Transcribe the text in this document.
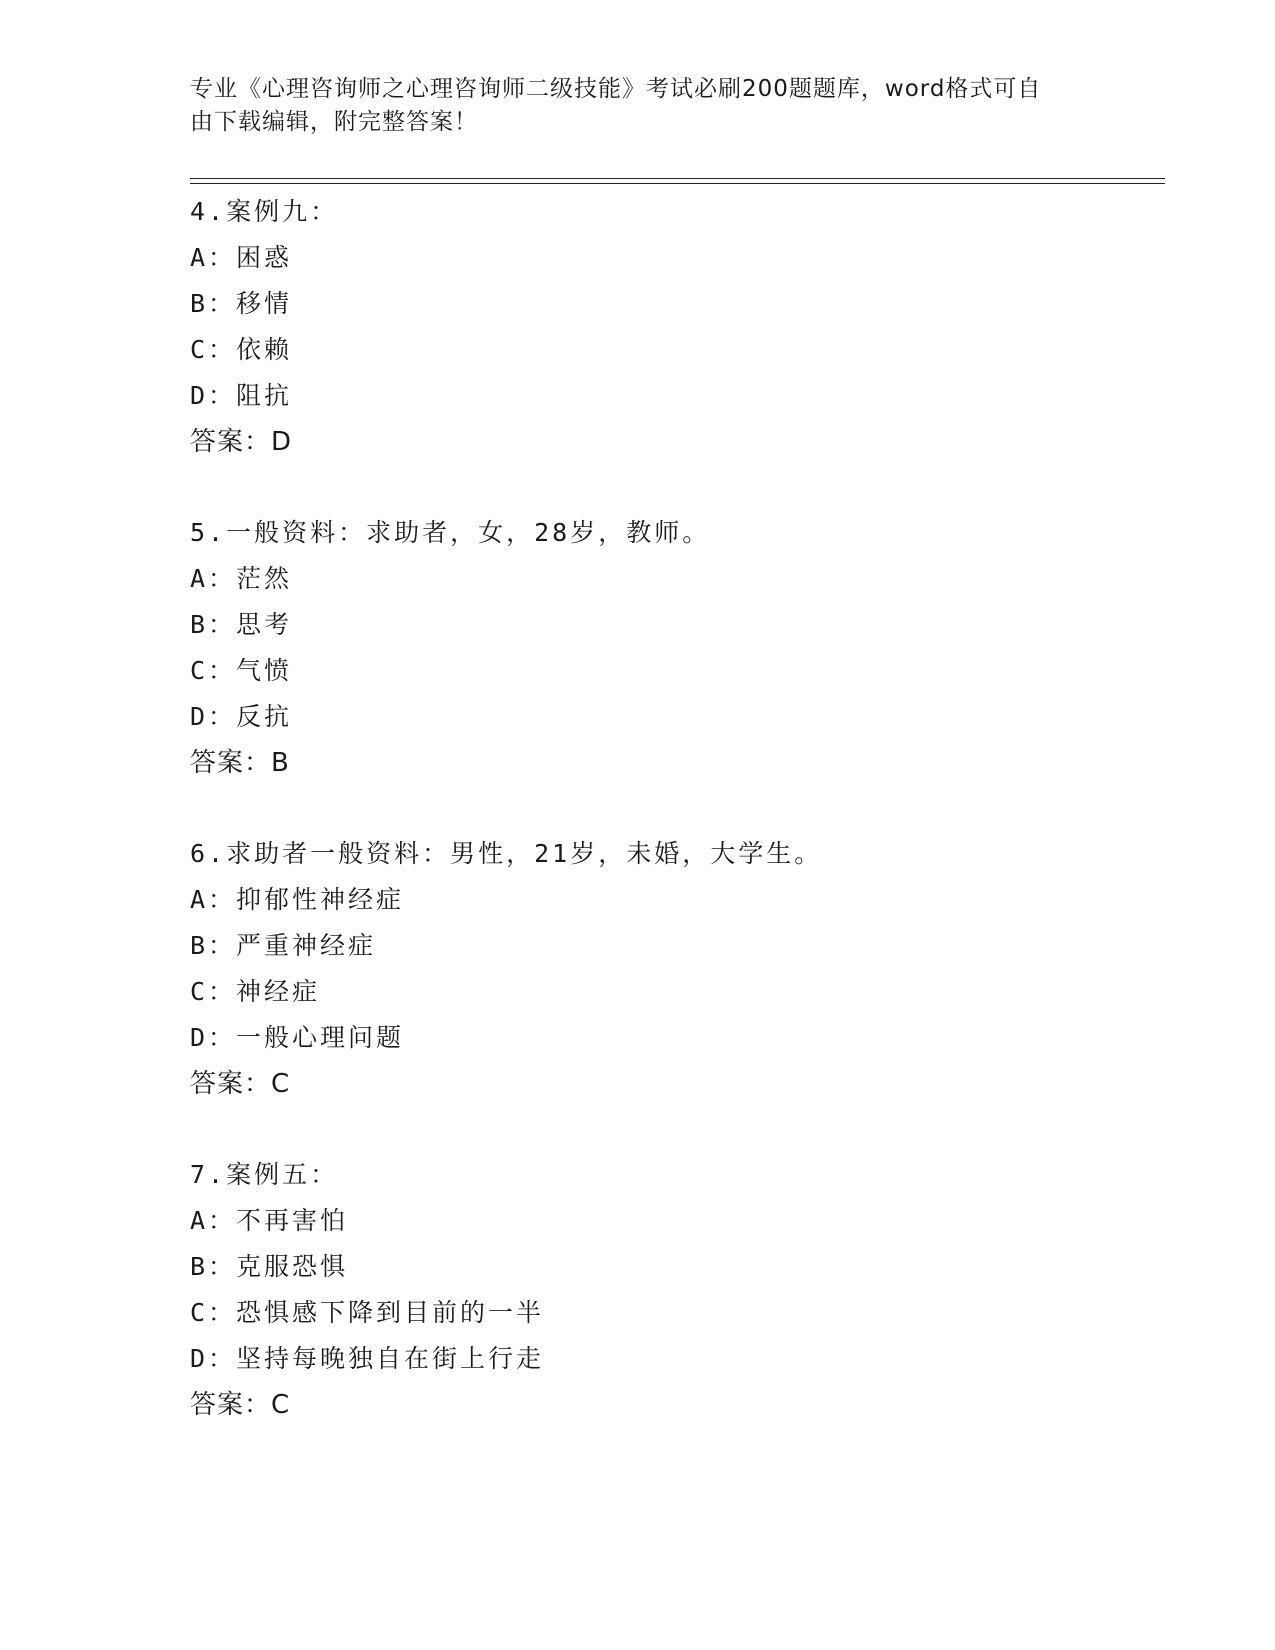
专业《心理咨询师之心理咨询师二级技能》考试必刷200题题库，word格式可自
由下载编辑，附完整答案！
4.案例九：
A：困惑
B：移情
C：依赖
D：阻抗
答案：D
5.一般资料：求助者，女，28岁，教师。
A：茫然
B：思考
C：气愤
D：反抗
答案：B
6.求助者一般资料：男性，21岁，未婚，大学生。
A：抑郁性神经症
B：严重神经症
C：神经症
D：一般心理问题
答案：C
7.案例五：
A：不再害怕
B：克服恐惧
C：恐惧感下降到目前的一半
D：坚持每晚独自在街上行走
答案：C
